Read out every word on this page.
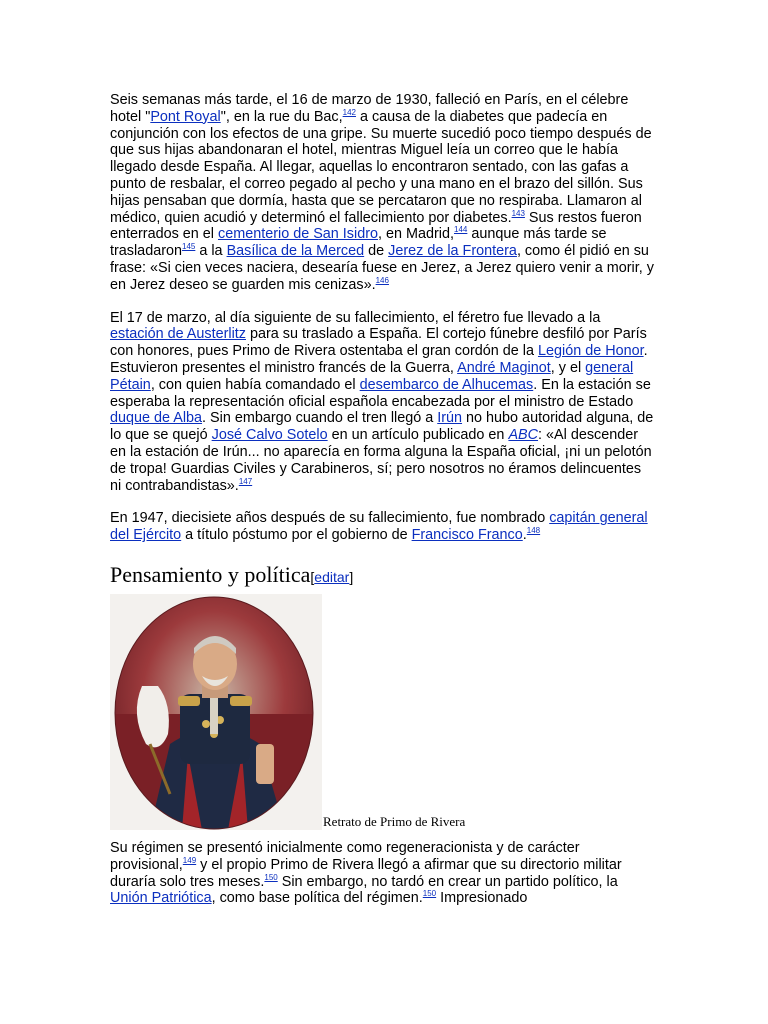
Seis semanas más tarde, el 16 de marzo de 1930, falleció en París, en el célebre hotel "Pont Royal", en la rue du Bac,$^{142}$ a causa de la diabetes que padecía en conjunción con los efectos de una gripe. Su muerte sucedió poco tiempo después de que sus hijas abandonaran el hotel, mientras Miguel leía un correo que le había llegado desde España. Al llegar, aquellas lo encontraron sentado, con las gafas a punto de resbalar, el correo pegado al pecho y una mano en el brazo del sillón. Sus hijas pensaban que dormía, hasta que se percataron que no respiraba. Llamaron al médico, quien acudió y determinó el fallecimiento por diabetes.$^{143}$ Sus restos fueron enterrados en el cementerio de San Isidro, en Madrid,$^{144}$ aunque más tarde se trasladaron$^{145}$ a la Basílica de la Merced de Jerez de la Frontera, como él pidió en su frase: «Si cien veces naciera, desearía fuese en Jerez, a Jerez quiero venir a morir, y en Jerez deseo se guarden mis cenizas».$^{146}$

El 17 de marzo, al día siguiente de su fallecimiento, el féretro fue llevado a la estación de Austerlitz para su traslado a España. El cortejo fúnebre desfiló por París con honores, pues Primo de Rivera ostentaba el gran cordón de la Legión de Honor. Estuvieron presentes el ministro francés de la Guerra, André Maginot, y el general Pétain, con quien había comandado el desembarco de Alhucemas. En la estación se esperaba la representación oficial española encabezada por el ministro de Estado duque de Alba. Sin embargo cuando el tren llegó a Irún no hubo autoridad alguna, de lo que se quejó José Calvo Sotelo en un artículo publicado en ABC: «Al descender en la estación de Irún... no aparecía en forma alguna la España oficial, ¡ni un pelotón de tropa! Guardias Civiles y Carabineros, sí; pero nosotros no éramos delincuentes ni contrabandistas».$^{147}$

En 1947, diecisiete años después de su fallecimiento, fue nombrado capitán general del Ejército a título póstumo por el gobierno de Francisco Franco.$^{148}$

Pensamiento y política[editar]
Retrato de Primo de Rivera

Su régimen se presentó inicialmente como regeneracionista y de carácter provisional,$^{149}$ y el propio Primo de Rivera llegó a afirmar que su directorio militar duraría solo tres meses.$^{150}$ Sin embargo, no tardó en crear un partido político, la Unión Patriótica, como base política del régimen.$^{150}$ Impresionado
